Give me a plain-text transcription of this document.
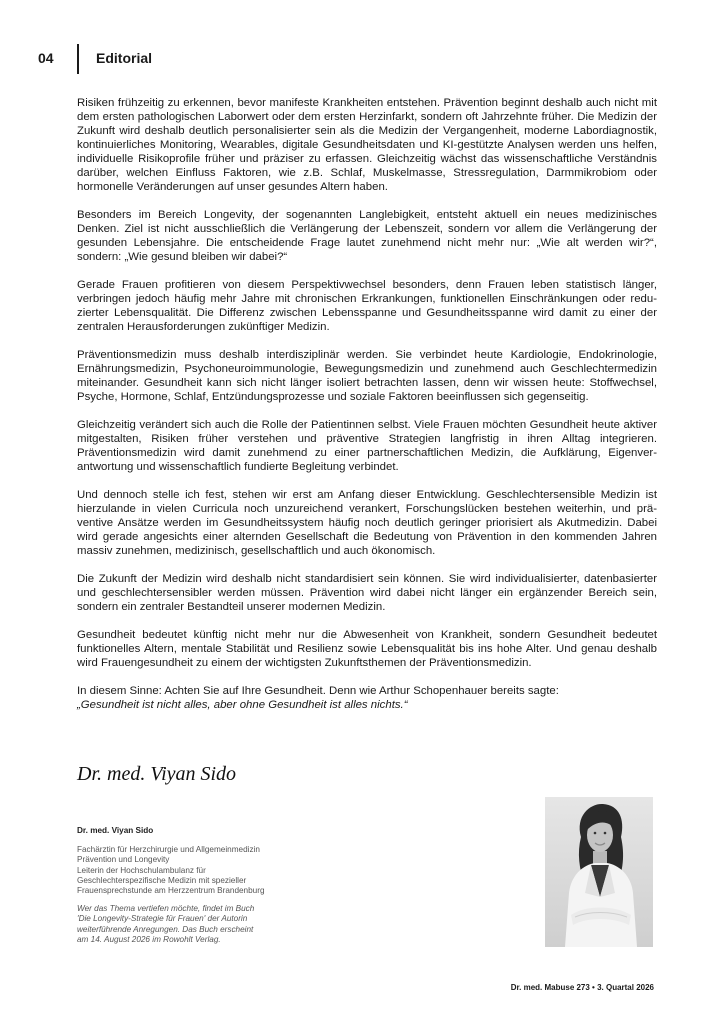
04	Editorial

Risiken frühzeitig zu erkennen, bevor manifeste Krankheiten entstehen. Prävention beginnt deshalb auch nicht mit dem ersten pathologischen Laborwert oder dem ersten Herzinfarkt, sondern oft Jahrzehnte früher. Die Medizin der Zukunft wird deshalb deutlich personalisierter sein als die Medizin der Vergangenheit, moderne Labordiagnostik, kontinuierliches Monitoring, Wearables, digitale Gesundheitsdaten und KI-gestützte Analysen werden uns helfen, individuelle Risikoprofile früher und präziser zu erfassen. Gleichzeitig wächst das wissenschaftliche Verständnis darüber, welchen Einfluss Faktoren, wie z.B. Schlaf, Muskelmasse, Stressregulation, Darmmikrobiom oder hormonelle Veränderungen auf unser gesundes Altern haben.

Besonders im Bereich Longevity, der sogenannten Langlebigkeit, entsteht aktuell ein neues medizinisches Denken. Ziel ist nicht ausschließlich die Verlängerung der Lebenszeit, sondern vor allem die Verlängerung der gesunden Lebensjahre. Die entscheidende Frage lautet zunehmend nicht mehr nur: „Wie alt werden wir?“, sondern: „Wie gesund bleiben wir dabei?“

Gerade Frauen profitieren von diesem Perspektivwechsel besonders, denn Frauen leben statistisch länger, verbringen jedoch häufig mehr Jahre mit chronischen Erkrankungen, funktionellen Einschränkungen oder reduzierter Lebensqualität. Die Differenz zwischen Lebensspanne und Gesundheitsspanne wird damit zu einer der zentralen Herausforderungen zukünftiger Medizin.

Präventionsmedizin muss deshalb interdisziplinär werden. Sie verbindet heute Kardiologie, Endokrinologie, Ernährungsmedizin, Psychoneuroimmunologie, Bewegungsmedizin und zunehmend auch Geschlechtermedizin miteinander. Gesundheit kann sich nicht länger isoliert betrachten lassen, denn wir wissen heute: Stoffwechsel, Psyche, Hormone, Schlaf, Entzündungsprozesse und soziale Faktoren beeinflussen sich gegenseitig.

Gleichzeitig verändert sich auch die Rolle der Patientinnen selbst. Viele Frauen möchten Gesundheit heute aktiver mitgestalten, Risiken früher verstehen und präventive Strategien langfristig in ihren Alltag integrieren. Präventionsmedizin wird damit zunehmend zu einer partnerschaftlichen Medizin, die Aufklärung, Eigenverantwortung und wissenschaftlich fundierte Begleitung verbindet.

Und dennoch stelle ich fest, stehen wir erst am Anfang dieser Entwicklung. Geschlechtersensible Medizin ist hierzulande in vielen Curricula noch unzureichend verankert, Forschungslücken bestehen weiterhin, und präventive Ansätze werden im Gesundheitssystem häufig noch deutlich geringer priorisiert als Akutmedizin. Dabei wird gerade angesichts einer alternden Gesellschaft die Bedeutung von Prävention in den kommenden Jahren massiv zunehmen, medizinisch, gesellschaftlich und auch ökonomisch.

Die Zukunft der Medizin wird deshalb nicht standardisiert sein können. Sie wird individualisierter, datenbasierter und geschlechtersensibler werden müssen. Prävention wird dabei nicht länger ein ergänzender Bereich sein, sondern ein zentraler Bestandteil unserer modernen Medizin.

Gesundheit bedeutet künftig nicht mehr nur die Abwesenheit von Krankheit, sondern Gesundheit bedeutet funktionelles Altern, mentale Stabilität und Resilienz sowie Lebensqualität bis ins hohe Alter. Und genau deshalb wird Frauengesundheit zu einem der wichtigsten Zukunftsthemen der Präventionsmedizin.

In diesem Sinne: Achten Sie auf Ihre Gesundheit. Denn wie Arthur Schopenhauer bereits sagte:
„Gesundheit ist nicht alles, aber ohne Gesundheit ist alles nichts.“

Dr. med. Viyan Sido

Dr. med. Viyan Sido

Fachärztin für Herzchirurgie und Allgemeinmedizin
Prävention und Longevity
Leiterin der Hochschulambulanz für
Geschlechterspezifische Medizin mit spezieller
Frauensprechstunde am Herzzentrum Brandenburg

Wer das Thema vertiefen möchte, findet im Buch
'Die Longevity-Strategie für Frauen' der Autorin
weiterführende Anregungen. Das Buch erscheint
am 14. August 2026 im Rowohlt Verlag.

Dr. med. Mabuse 273 • 3. Quartal 2026
